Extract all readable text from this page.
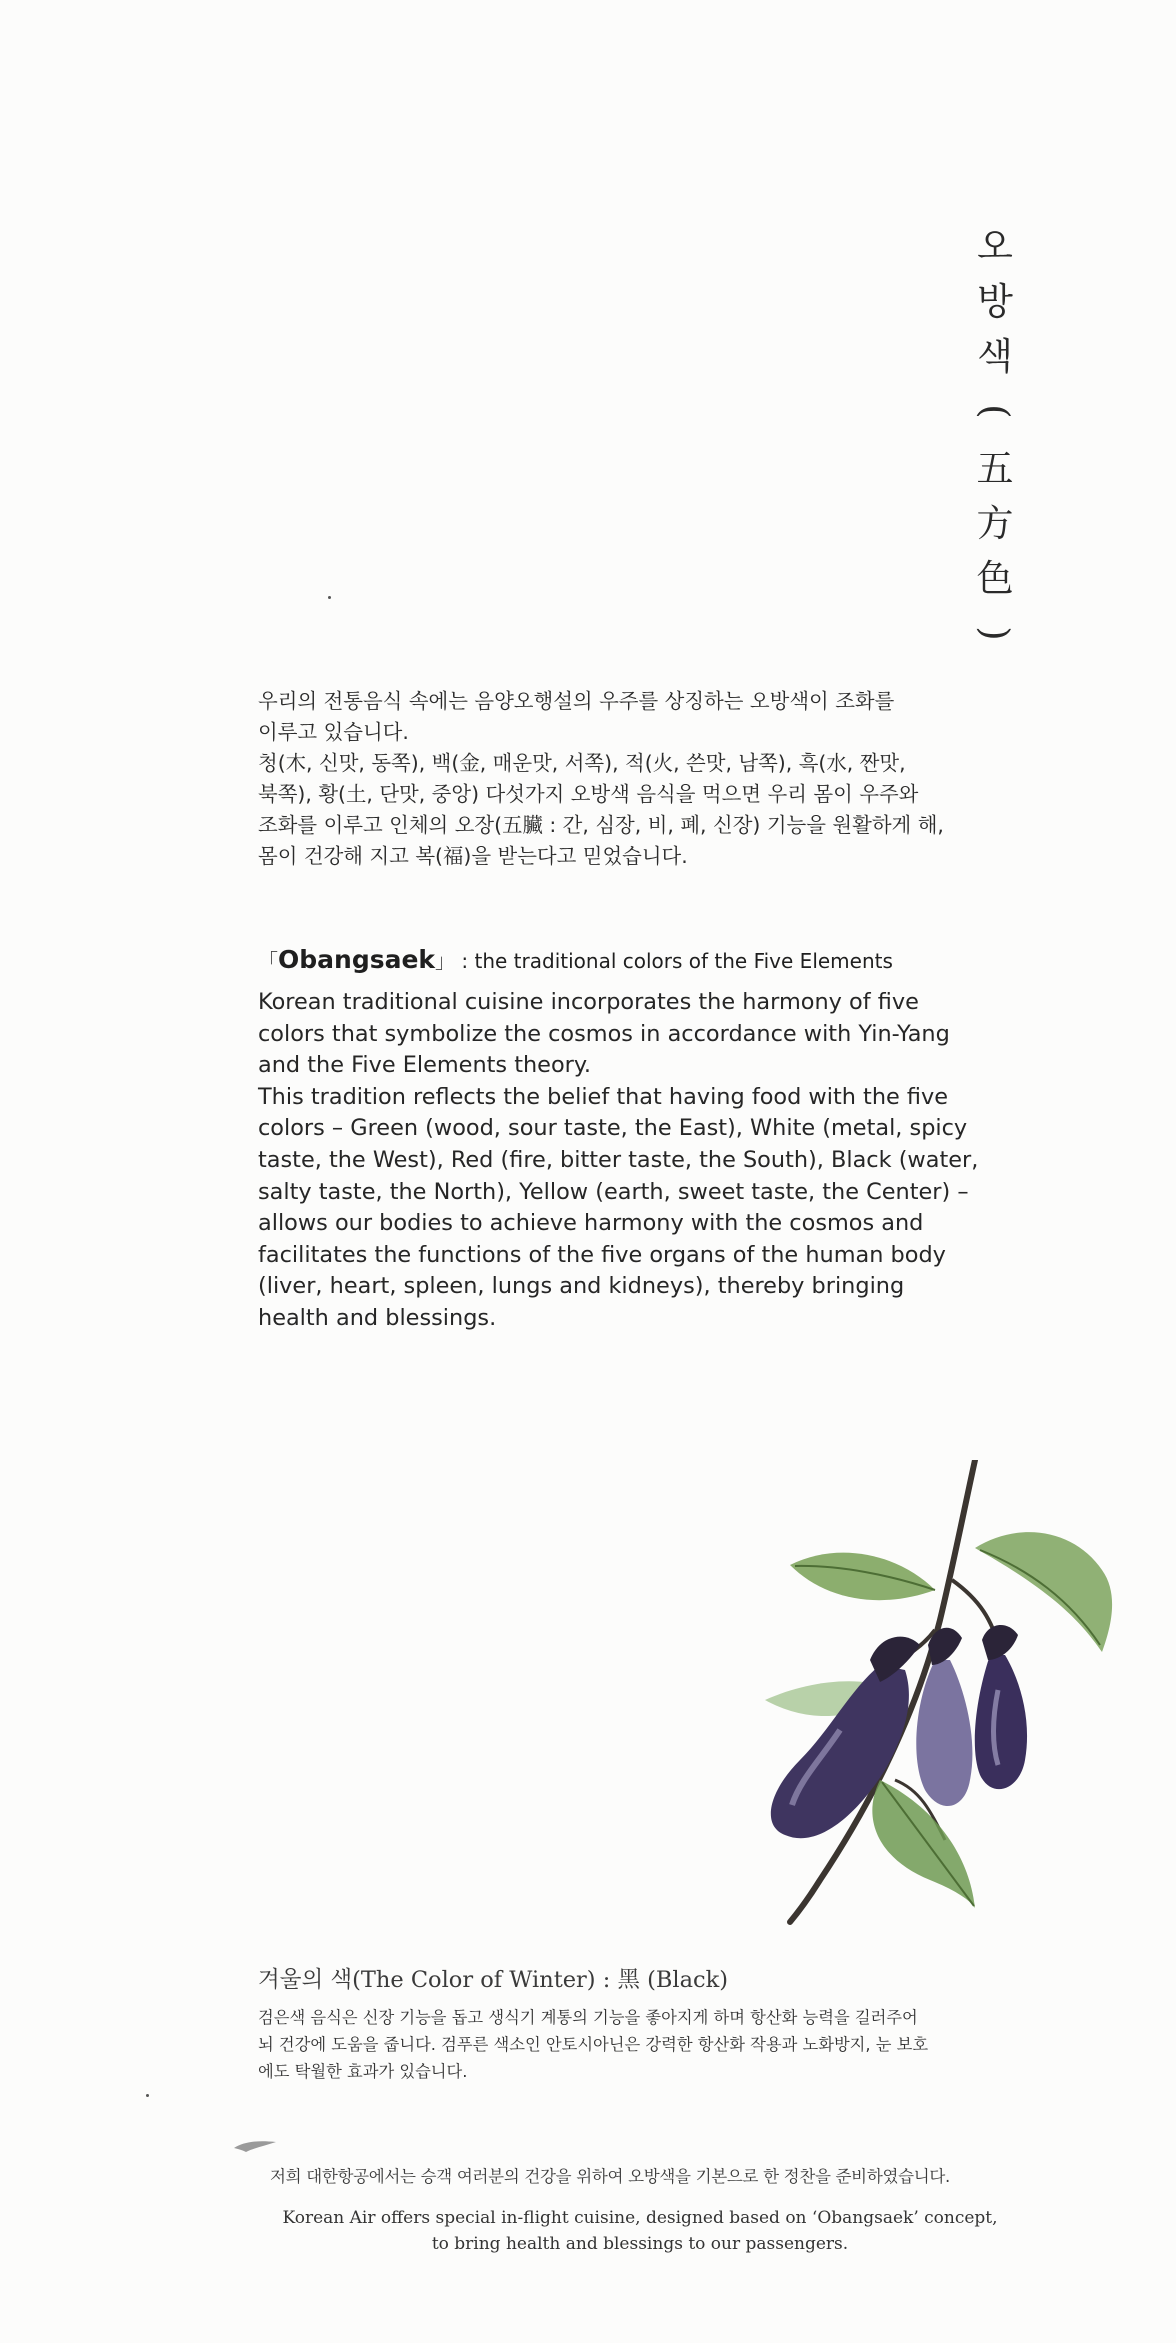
오
방
색
(
五
方
色
)

우리의 전통음식 속에는 음양오행설의 우주를 상징하는 오방색이 조화를

이루고 있습니다.

청(木, 신맛, 동쪽), 백(金, 매운맛, 서쪽), 적(火, 쓴맛, 남쪽), 흑(水, 짠맛,

북쪽), 황(土, 단맛, 중앙) 다섯가지 오방색 음식을 먹으면 우리 몸이 우주와

조화를 이루고 인체의 오장(五臟 : 간, 심장, 비, 폐, 신장) 기능을 원활하게 해,

몸이 건강해 지고 복(福)을 받는다고 믿었습니다.

「Obangsaek」 : the traditional colors of the Five Elements

Korean traditional cuisine incorporates the harmony of five

colors that symbolize the cosmos in accordance with Yin-Yang

and the Five Elements theory.

This tradition reflects the belief that having food with the five

colors – Green (wood, sour taste, the East), White (metal, spicy

taste, the West), Red (fire, bitter taste, the South), Black (water,

salty taste, the North), Yellow (earth, sweet taste, the Center) –

allows our bodies to achieve harmony with the cosmos and

facilitates the functions of the five organs of the human body

(liver, heart, spleen, lungs and kidneys), thereby bringing

health and blessings.

겨울의 색(The Color of Winter) : 黑 (Black)

검은색 음식은 신장 기능을 돕고 생식기 계통의 기능을 좋아지게 하며 항산화 능력을 길러주어

뇌 건강에 도움을 줍니다. 검푸른 색소인 안토시아닌은 강력한 항산화 작용과 노화방지, 눈 보호

에도 탁월한 효과가 있습니다.

저희 대한항공에서는 승객 여러분의 건강을 위하여 오방색을 기본으로 한 정찬을 준비하였습니다.

Korean Air offers special in-flight cuisine, designed based on ‘Obangsaek’ concept,

to bring health and blessings to our passengers.
